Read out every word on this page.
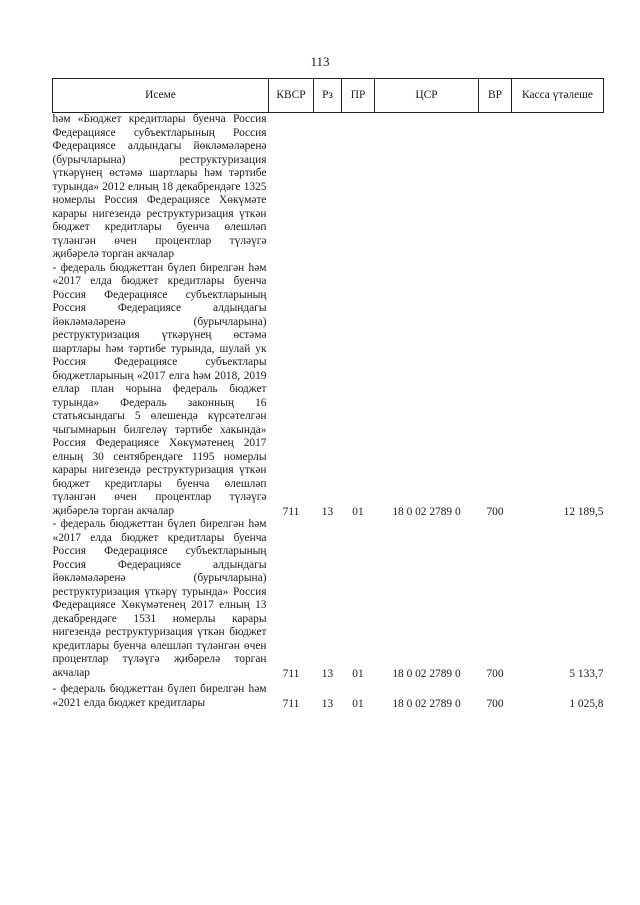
113
Исеме	КВСР	Рз	ПР	ЦСР	ВР	Касса үтәлеше
һәм «Бюджет кредитлары буенча Россия Федерациясе субъектларының Россия Федерациясе алдындагы йөкләмәләренә (бурычларына) реструктуризация үткәрүнең өстәмә шартлары һәм тәртибе турында» 2012 елның 18 декабрендәге 1325 номерлы Россия Федерациясе Хөкүмәте карары нигезендә реструктуризация үткән бюджет кредитлары буенча өлешләп түләнгән өчен процентлар түләүгә җибәрелә торган акчалар						
- федераль бюджеттан бүлеп бирелгән һәм «2017 елда бюджет кредитлары буенча Россия Федерациясе субъектларының Россия Федерациясе алдындагы йөкләмәләренә (бурычларына) реструктуризация үткәрүнең өстәмә шартлары һәм тәртибе турында, шулай ук Россия Федерациясе субъектлары бюджетларының «2017 елга һәм 2018, 2019 еллар план чорына федераль бюджет турында» Федераль законның 16 статьясындагы 5 өлешендә күрсәтелгән чыгымнарын билгеләү тәртибе хакында» Россия Федерациясе Хөкүмәтенең 2017 елның 30 сентябрендәге 1195 номерлы карары нигезендә реструктуризация үткән бюджет кредитлары буенча өлешләп түләнгән өчен процентлар түләүгә җибәрелә торган акчалар	711	13	01	18 0 02 2789 0	700	12 189,5
- федераль бюджеттан бүлеп бирелгән һәм «2017 елда бюджет кредитлары буенча Россия Федерациясе субъектларының Россия Федерациясе алдындагы йөкләмәләренә (бурычларына) реструктуризация үткәрү турында» Россия Федерациясе Хөкүмәтенең 2017 елның 13 декабрендәге 1531 номерлы карары нигезендә реструктуризация үткән бюджет кредитлары буенча өлешләп түләнгән өчен процентлар түләүгә җибәрелә торган акчалар	711	13	01	18 0 02 2789 0	700	5 133,7
- федераль бюджеттан бүлеп бирелгән һәм «2021 елда бюджет кредитлары	711	13	01	18 0 02 2789 0	700	1 025,8
